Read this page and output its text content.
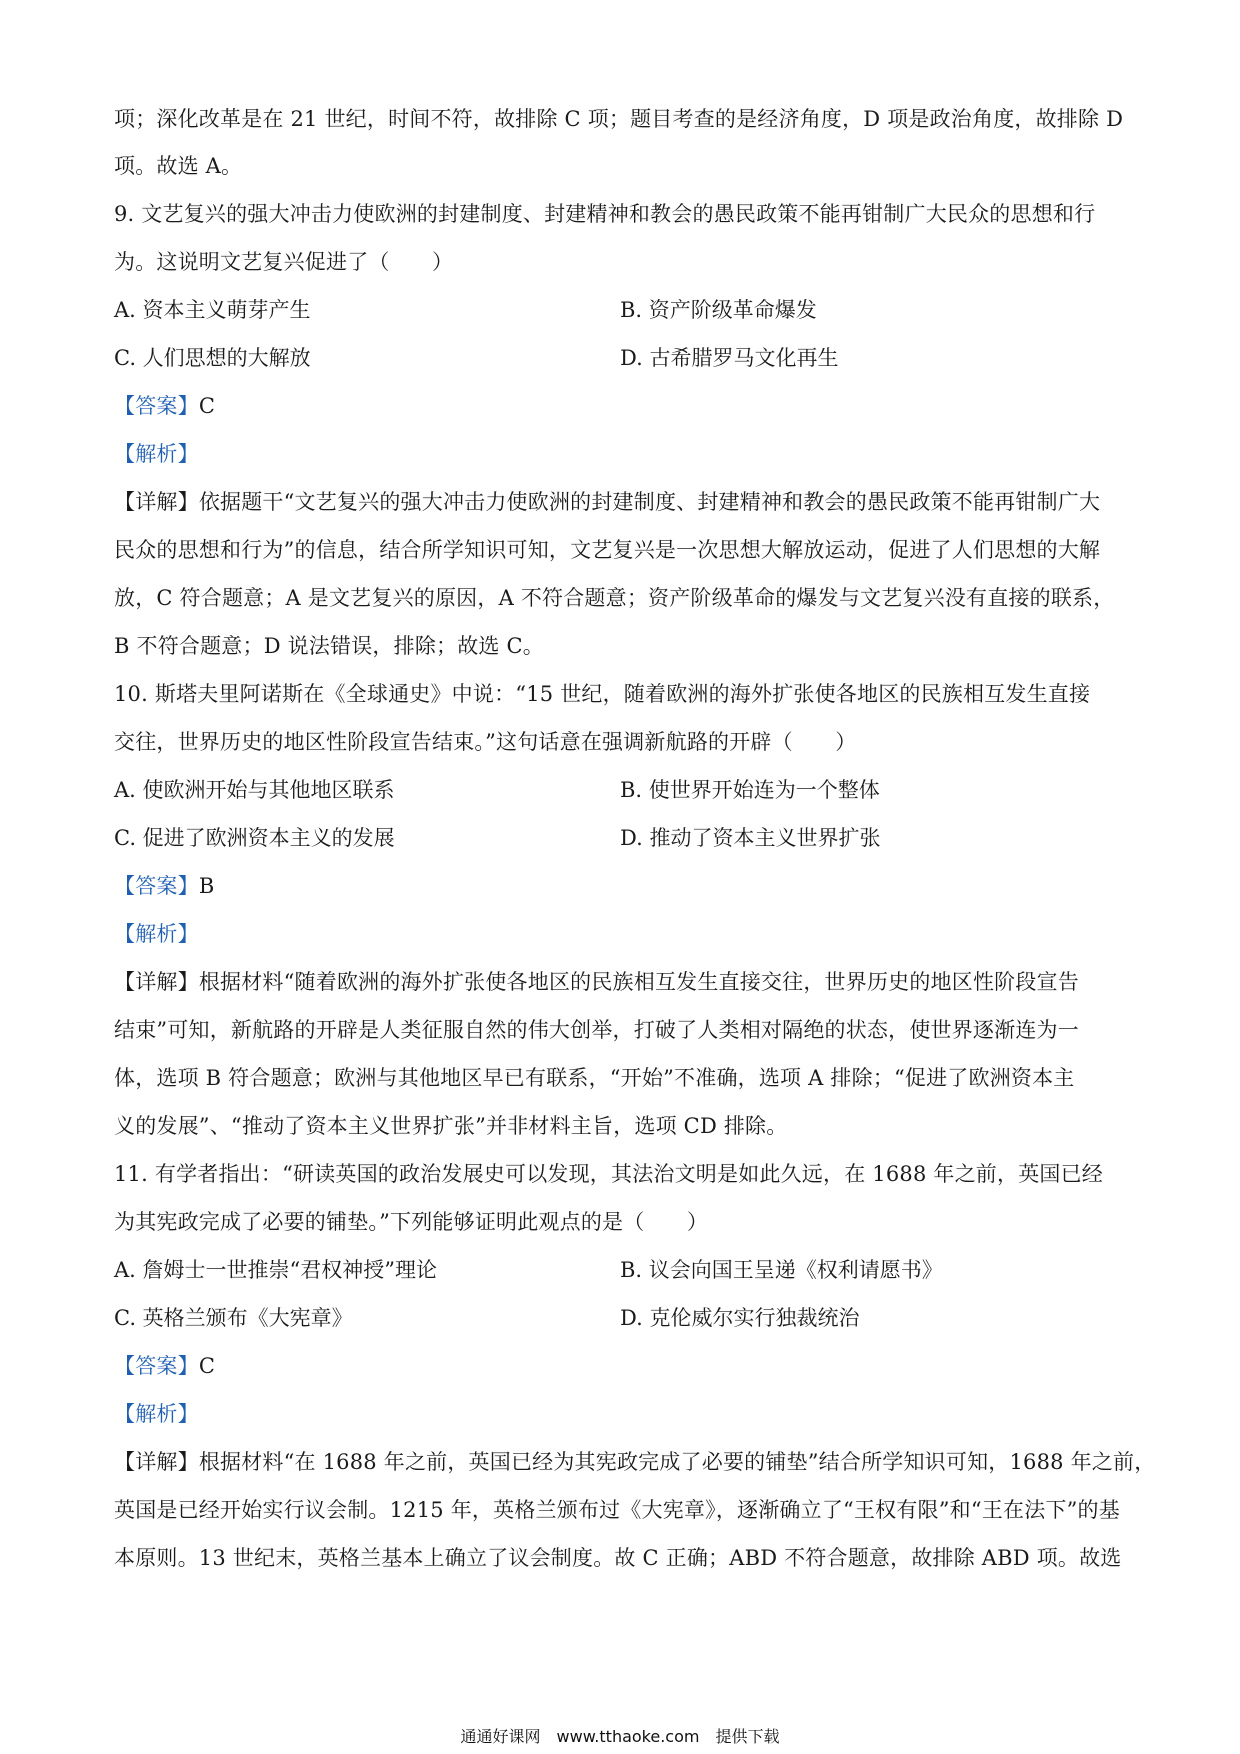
项；深化改革是在 21 世纪，时间不符，故排除 C 项；题目考查的是经济角度，D 项是政治角度，故排除 D
项。故选 A。
9. 文艺复兴的强大冲击力使欧洲的封建制度、封建精神和教会的愚民政策不能再钳制广大民众的思想和行
为。这说明文艺复兴促进了（　　）
A. 资本主义萌芽产生	B. 资产阶级革命爆发
C. 人们思想的大解放	D. 古希腊罗马文化再生
【答案】C
【解析】
【详解】依据题干“文艺复兴的强大冲击力使欧洲的封建制度、封建精神和教会的愚民政策不能再钳制广大
民众的思想和行为”的信息，结合所学知识可知，文艺复兴是一次思想大解放运动，促进了人们思想的大解
放，C 符合题意；A 是文艺复兴的原因，A 不符合题意；资产阶级革命的爆发与文艺复兴没有直接的联系，
B 不符合题意；D 说法错误，排除；故选 C。
10. 斯塔夫里阿诺斯在《全球通史》中说：“15 世纪，随着欧洲的海外扩张使各地区的民族相互发生直接
交往，世界历史的地区性阶段宣告结束。”这句话意在强调新航路的开辟（　　）
A. 使欧洲开始与其他地区联系	B. 使世界开始连为一个整体
C. 促进了欧洲资本主义的发展	D. 推动了资本主义世界扩张
【答案】B
【解析】
【详解】根据材料“随着欧洲的海外扩张使各地区的民族相互发生直接交往，世界历史的地区性阶段宣告
结束”可知，新航路的开辟是人类征服自然的伟大创举，打破了人类相对隔绝的状态，使世界逐渐连为一
体，选项 B 符合题意；欧洲与其他地区早已有联系，“开始”不准确，选项 A 排除；“促进了欧洲资本主
义的发展”、“推动了资本主义世界扩张”并非材料主旨，选项 CD 排除。
11. 有学者指出：“研读英国的政治发展史可以发现，其法治文明是如此久远，在 1688 年之前，英国已经
为其宪政完成了必要的铺垫。”下列能够证明此观点的是（　　）
A. 詹姆士一世推崇“君权神授”理论	B. 议会向国王呈递《权利请愿书》
C. 英格兰颁布《大宪章》	D. 克伦威尔实行独裁统治
【答案】C
【解析】
【详解】根据材料“在 1688 年之前，英国已经为其宪政完成了必要的铺垫”结合所学知识可知，1688 年之前，
英国是已经开始实行议会制。1215 年，英格兰颁布过《大宪章》，逐渐确立了“王权有限”和“王在法下”的基
本原则。13 世纪末，英格兰基本上确立了议会制度。故 C 正确；ABD 不符合题意，故排除 ABD 项。故选
通通好课网　www.tthaoke.com　提供下载
